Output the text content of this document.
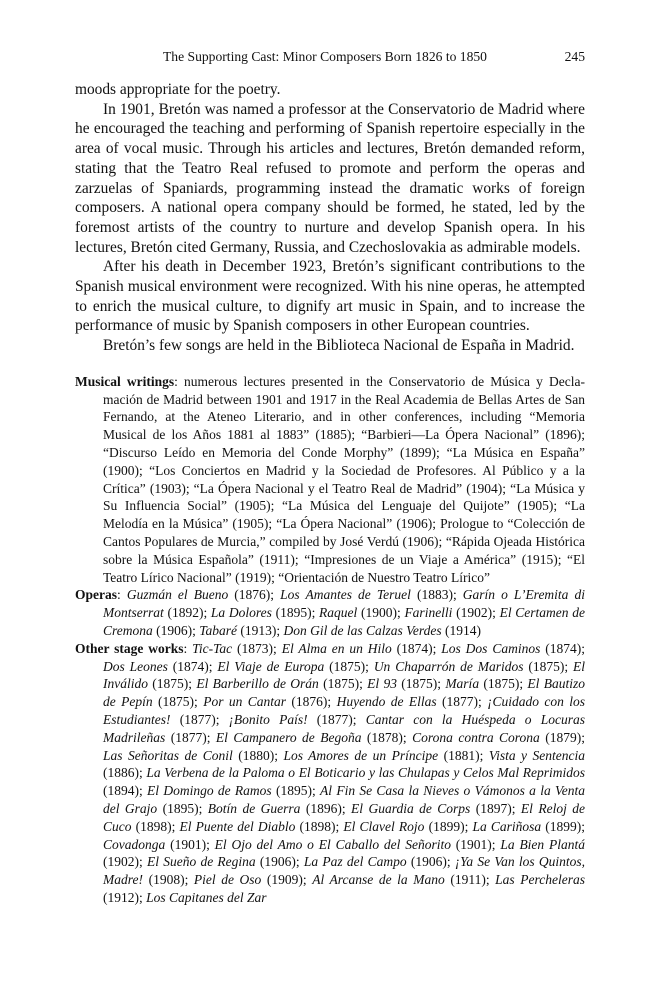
The Supporting Cast: Minor Composers Born 1826 to 1850	245

moods appropriate for the poetry.

In 1901, Bretón was named a professor at the Conservatorio de Madrid where he encouraged the teaching and performing of Spanish repertoire especially in the area of vocal music. Through his articles and lectures, Bretón demanded reform, stating that the Teatro Real refused to promote and perform the operas and zarzuelas of Spaniards, programming instead the dramatic works of foreign composers. A national opera company should be formed, he stated, led by the foremost artists of the country to nurture and develop Spanish opera. In his lectures, Bretón cited Germany, Russia, and Czechoslovakia as admirable models.

After his death in December 1923, Bretón’s significant contributions to the Spanish musical environment were recognized. With his nine operas, he attempted to enrich the musical culture, to dignify art music in Spain, and to increase the performance of music by Spanish composers in other European countries.

Bretón’s few songs are held in the Biblioteca Nacional de España in Madrid.

Musical writings: numerous lectures presented in the Conservatorio de Música y Declamación de Madrid between 1901 and 1917 in the Real Academia de Bellas Artes de San Fernando, at the Ateneo Literario, and in other conferences, including “Memoria Musical de los Años 1881 al 1883” (1885); “Barbieri—La Ópera Nacional” (1896); “Discurso Leído en Memoria del Conde Morphy” (1899); “La Música en España” (1900); “Los Conciertos en Madrid y la Sociedad de Profesores. Al Público y a la Crítica” (1903); “La Ópera Nacional y el Teatro Real de Madrid” (1904); “La Música y Su Influencia Social” (1905); “La Música del Lenguaje del Quijote” (1905); “La Melodía en la Música” (1905); “La Ópera Nacional” (1906); Prologue to “Colección de Cantos Populares de Murcia,” compiled by José Verdú (1906); “Rápida Ojeada Histórica sobre la Música Española” (1911); “Impresiones de un Viaje a América” (1915); “El Teatro Lírico Nacional” (1919); “Orientación de Nuestro Teatro Lírico”

Operas: Guzmán el Bueno (1876); Los Amantes de Teruel (1883); Garín o L’Eremita di Montserrat (1892); La Dolores (1895); Raquel (1900); Farinelli (1902); El Certamen de Cremona (1906); Tabaré (1913); Don Gil de las Calzas Verdes (1914)

Other stage works: Tic-Tac (1873); El Alma en un Hilo (1874); Los Dos Caminos (1874); Dos Leones (1874); El Viaje de Europa (1875); Un Chaparrón de Maridos (1875); El Inválido (1875); El Barberillo de Orán (1875); El 93 (1875); María (1875); El Bautizo de Pepín (1875); Por un Cantar (1876); Huyendo de Ellas (1877); ¡Cuidado con los Estudiantes! (1877); ¡Bonito País! (1877); Cantar con la Huéspeda o Locuras Madrileñas (1877); El Campanero de Begoña (1878); Corona contra Corona (1879); Las Señoritas de Conil (1880); Los Amores de un Príncipe (1881); Vista y Sentencia (1886); La Verbena de la Paloma o El Boticario y las Chulapas y Celos Mal Reprimidos (1894); El Domingo de Ramos (1895); Al Fin Se Casa la Nieves o Vámonos a la Venta del Grajo (1895); Botín de Guerra (1896); El Guardia de Corps (1897); El Reloj de Cuco (1898); El Puente del Diablo (1898); El Clavel Rojo (1899); La Cariñosa (1899); Covadonga (1901); El Ojo del Amo o El Caballo del Señorito (1901); La Bien Plantá (1902); El Sueño de Regina (1906); La Paz del Campo (1906); ¡Ya Se Van los Quintos, Madre! (1908); Piel de Oso (1909); Al Arcanse de la Mano (1911); Las Percheleras (1912); Los Capitanes del Zar
